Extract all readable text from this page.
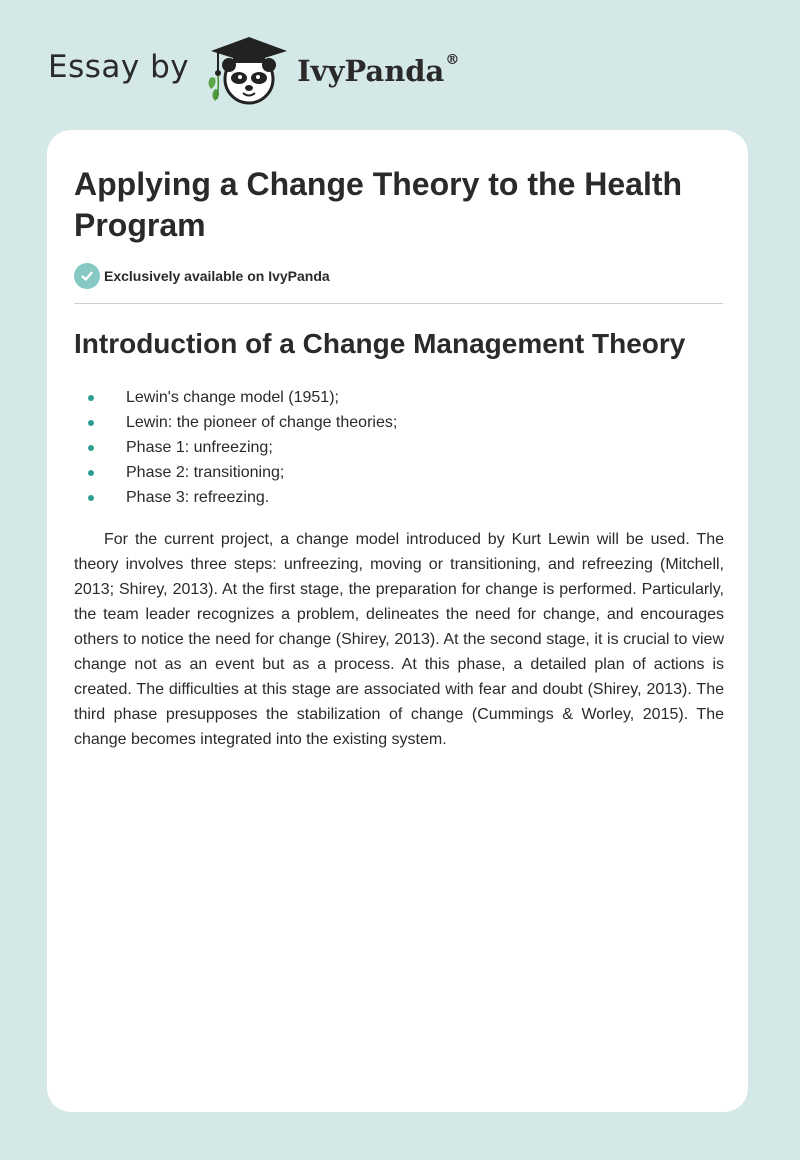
Essay by	IvyPanda®
Applying a Change Theory to the Health Program
Exclusively available on IvyPanda
Introduction of a Change Management Theory
Lewin's change model (1951);
Lewin: the pioneer of change theories;
Phase 1: unfreezing;
Phase 2: transitioning;
Phase 3: refreezing.

For the current project, a change model introduced by Kurt Lewin will be used. The theory involves three steps: unfreezing, moving or transitioning, and refreezing (Mitchell, 2013; Shirey, 2013). At the first stage, the preparation for change is performed. Particularly, the team leader recognizes a problem, delineates the need for change, and encourages others to notice the need for change (Shirey, 2013). At the second stage, it is crucial to view change not as an event but as a process. At this phase, a detailed plan of actions is created. The difficulties at this stage are associated with fear and doubt (Shirey, 2013). The third phase presupposes the stabilization of change (Cummings & Worley, 2015). The change becomes integrated into the existing system.
